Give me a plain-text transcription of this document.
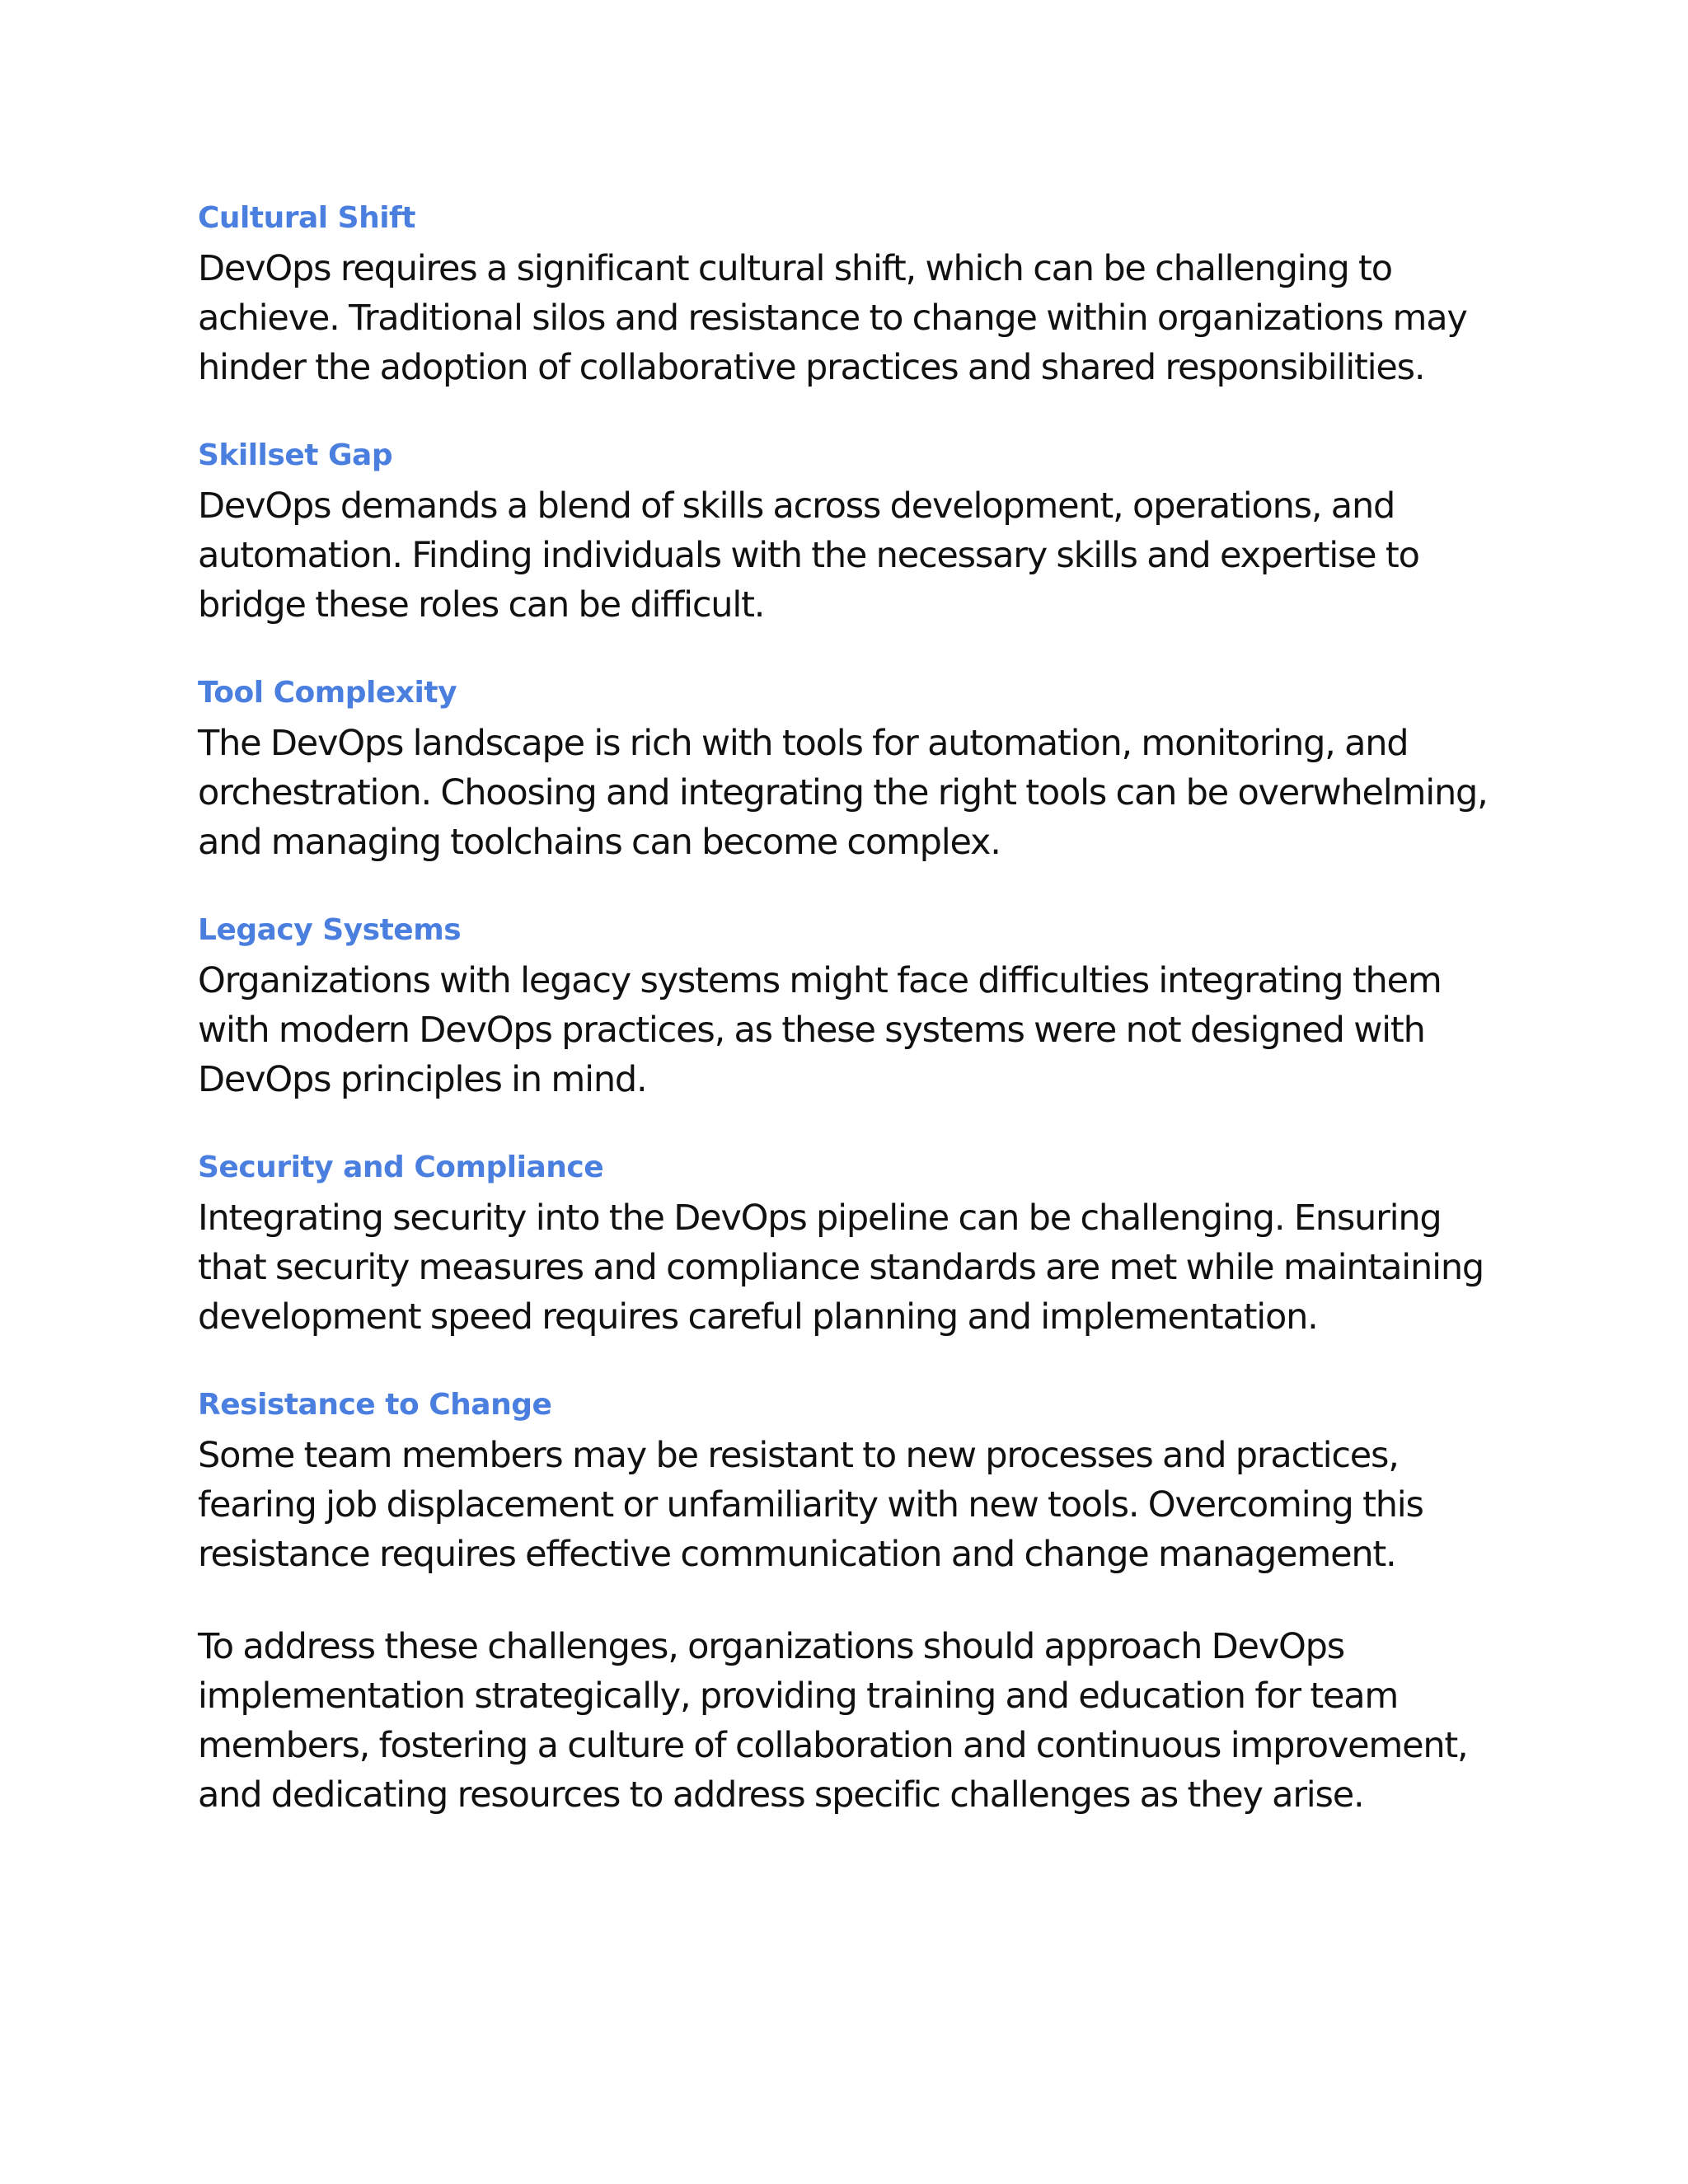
Cultural Shift

DevOps requires a significant cultural shift, which can be challenging to achieve. Traditional silos and resistance to change within organizations may hinder the adoption of collaborative practices and shared responsibilities.

Skillset Gap

DevOps demands a blend of skills across development, operations, and automation. Finding individuals with the necessary skills and expertise to bridge these roles can be difficult.

Tool Complexity

The DevOps landscape is rich with tools for automation, monitoring, and orchestration. Choosing and integrating the right tools can be overwhelming, and managing toolchains can become complex.

Legacy Systems

Organizations with legacy systems might face difficulties integrating them with modern DevOps practices, as these systems were not designed with DevOps principles in mind.

Security and Compliance

Integrating security into the DevOps pipeline can be challenging. Ensuring that security measures and compliance standards are met while maintaining development speed requires careful planning and implementation.

Resistance to Change

Some team members may be resistant to new processes and practices, fearing job displacement or unfamiliarity with new tools. Overcoming this resistance requires effective communication and change management.

To address these challenges, organizations should approach DevOps implementation strategically, providing training and education for team members, fostering a culture of collaboration and continuous improvement, and dedicating resources to address specific challenges as they arise.
